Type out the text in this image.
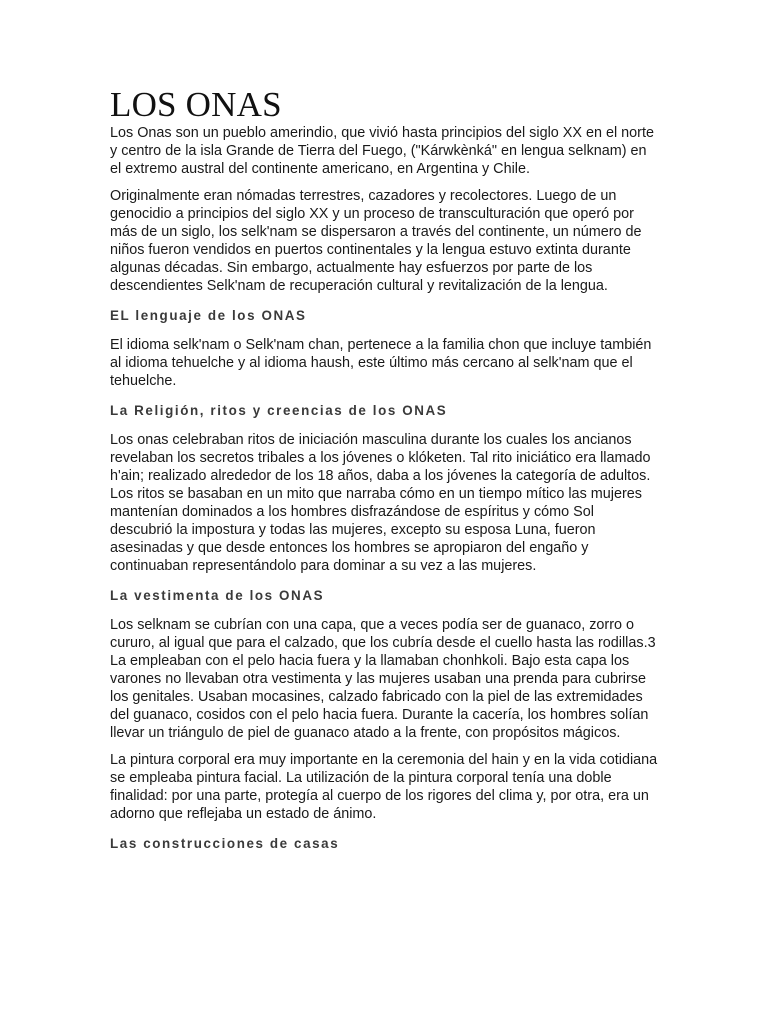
LOS ONAS

Los Onas son un pueblo amerindio, que vivió hasta principios del siglo XX en el norte y centro de la isla Grande de Tierra del Fuego, ("Kárwkènká" en lengua selknam) en el extremo austral del continente americano, en Argentina y Chile.

Originalmente eran nómadas terrestres, cazadores y recolectores. Luego de un genocidio a principios del siglo XX y un proceso de transculturación que operó por más de un siglo, los selk'nam se dispersaron a través del continente, un número de niños fueron vendidos en puertos continentales y la lengua estuvo extinta durante algunas décadas. Sin embargo, actualmente hay esfuerzos por parte de los descendientes Selk'nam de recuperación cultural y revitalización de la lengua.

EL lenguaje de los ONAS

El idioma selk'nam o Selk'nam chan, pertenece a la familia chon que incluye también al idioma tehuelche y al idioma haush, este último más cercano al selk'nam que el tehuelche.

La Religión, ritos y creencias de los ONAS

Los onas celebraban ritos de iniciación masculina durante los cuales los ancianos revelaban los secretos tribales a los jóvenes o klóketen. Tal rito iniciático era llamado h'ain; realizado alrededor de los 18 años, daba a los jóvenes la categoría de adultos. Los ritos se basaban en un mito que narraba cómo en un tiempo mítico las mujeres mantenían dominados a los hombres disfrazándose de espíritus y cómo Sol descubrió la impostura y todas las mujeres, excepto su esposa Luna, fueron asesinadas y que desde entonces los hombres se apropiaron del engaño y continuaban representándolo para dominar a su vez a las mujeres.

La vestimenta de los ONAS

Los selknam se cubrían con una capa, que a veces podía ser de guanaco, zorro o cururo, al igual que para el calzado, que los cubría desde el cuello hasta las rodillas.3 La empleaban con el pelo hacia fuera y la llamaban chonhkoli. Bajo esta capa los varones no llevaban otra vestimenta y las mujeres usaban una prenda para cubrirse los genitales. Usaban mocasines, calzado fabricado con la piel de las extremidades del guanaco, cosidos con el pelo hacia fuera. Durante la cacería, los hombres solían llevar un triángulo de piel de guanaco atado a la frente, con propósitos mágicos.

La pintura corporal era muy importante en la ceremonia del hain y en la vida cotidiana se empleaba pintura facial. La utilización de la pintura corporal tenía una doble finalidad: por una parte, protegía al cuerpo de los rigores del clima y, por otra, era un adorno que reflejaba un estado de ánimo.

Las construcciones de casas
